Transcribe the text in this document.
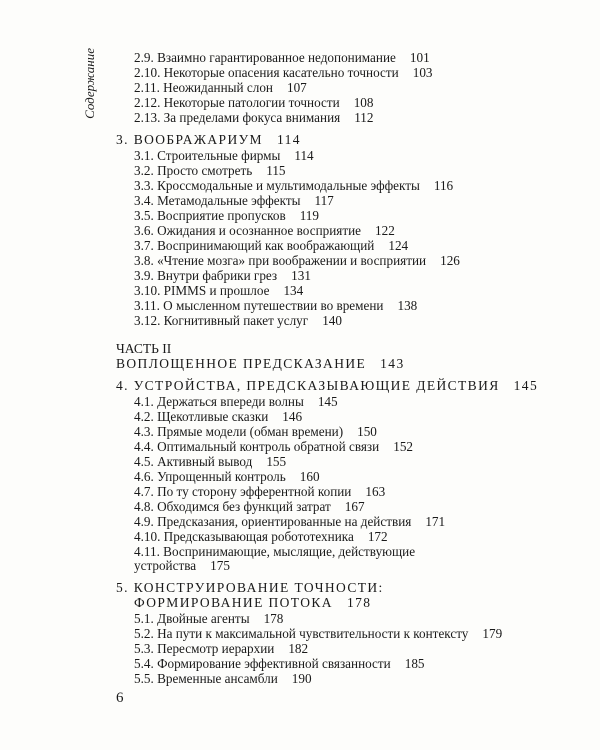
Содержание	2.9. Взаимно гарантированное недопонимание 101
2.10. Некоторые опасения касательно точности 103
2.11. Неожиданный слон 107
2.12. Некоторые патологии точности 108
2.13. За пределами фокуса внимания 112
3. ВООБРАЖАРИУМ 114
3.1. Строительные фирмы 114
3.2. Просто смотреть 115
3.3. Кроссмодальные и мультимодальные эффекты 116
3.4. Метамодальные эффекты 117
3.5. Восприятие пропусков 119
3.6. Ожидания и осознанное восприятие 122
3.7. Воспринимающий как воображающий 124
3.8. «Чтение мозга» при воображении и восприятии 126
3.9. Внутри фабрики грез 131
3.10. PIMMS и прошлое 134
3.11. О мысленном путешествии во времени 138
3.12. Когнитивный пакет услуг 140
ЧАСТЬ II
ВОПЛОЩЕННОЕ ПРЕДСКАЗАНИЕ 143
4. УСТРОЙСТВА, ПРЕДСКАЗЫВАЮЩИЕ ДЕЙСТВИЯ 145
4.1. Держаться впереди волны 145
4.2. Щекотливые сказки 146
4.3. Прямые модели (обман времени) 150
4.4. Оптимальный контроль обратной связи 152
4.5. Активный вывод 155
4.6. Упрощенный контроль 160
4.7. По ту сторону эфферентной копии 163
4.8. Обходимся без функций затрат 167
4.9. Предсказания, ориентированные на действия 171
4.10. Предсказывающая робототехника 172
4.11. Воспринимающие, мыслящие, действующие
устройства 175
5. КОНСТРУИРОВАНИЕ ТОЧНОСТИ:
ФОРМИРОВАНИЕ ПОТОКА 178
5.1. Двойные агенты 178
5.2. На пути к максимальной чувствительности к контексту 179
5.3. Пересмотр иерархии 182
5.4. Формирование эффективной связанности 185
5.5. Временные ансамбли 190
6
